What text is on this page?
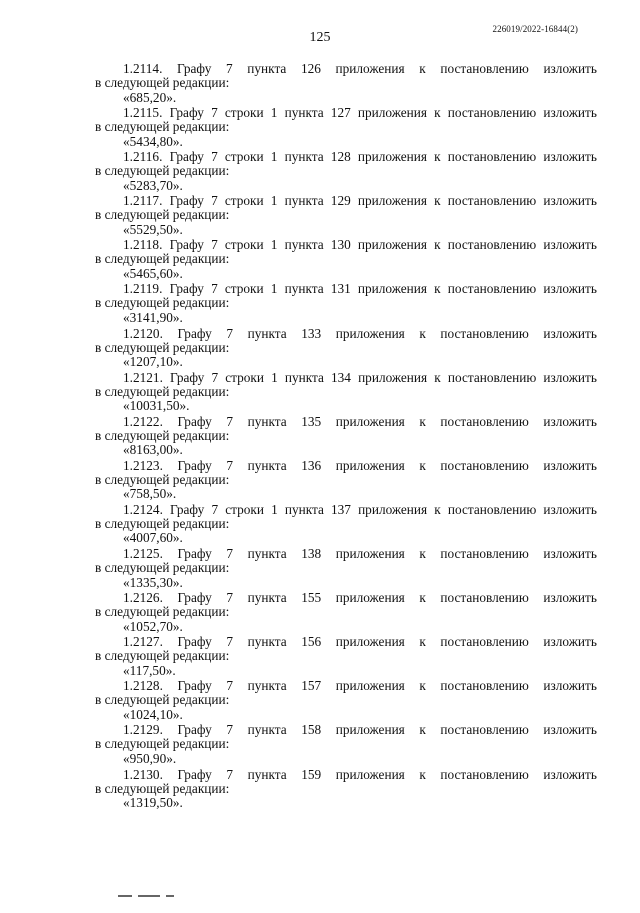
125
226019/2022-16844(2)
1.2114. Графу 7 пункта 126 приложения к постановлению изложить
в следующей редакции:
«685,20».
1.2115. Графу 7 строки 1 пункта 127 приложения к постановлению изложить
в следующей редакции:
«5434,80».
1.2116. Графу 7 строки 1 пункта 128 приложения к постановлению изложить
в следующей редакции:
«5283,70».
1.2117. Графу 7 строки 1 пункта 129 приложения к постановлению изложить
в следующей редакции:
«5529,50».
1.2118. Графу 7 строки 1 пункта 130 приложения к постановлению изложить
в следующей редакции:
«5465,60».
1.2119. Графу 7 строки 1 пункта 131 приложения к постановлению изложить
в следующей редакции:
«3141,90».
1.2120. Графу 7 пункта 133 приложения к постановлению изложить
в следующей редакции:
«1207,10».
1.2121. Графу 7 строки 1 пункта 134 приложения к постановлению изложить
в следующей редакции:
«10031,50».
1.2122. Графу 7 пункта 135 приложения к постановлению изложить
в следующей редакции:
«8163,00».
1.2123. Графу 7 пункта 136 приложения к постановлению изложить
в следующей редакции:
«758,50».
1.2124. Графу 7 строки 1 пункта 137 приложения к постановлению изложить
в следующей редакции:
«4007,60».
1.2125. Графу 7 пункта 138 приложения к постановлению изложить
в следующей редакции:
«1335,30».
1.2126. Графу 7 пункта 155 приложения к постановлению изложить
в следующей редакции:
«1052,70».
1.2127. Графу 7 пункта 156 приложения к постановлению изложить
в следующей редакции:
«117,50».
1.2128. Графу 7 пункта 157 приложения к постановлению изложить
в следующей редакции:
«1024,10».
1.2129. Графу 7 пункта 158 приложения к постановлению изложить
в следующей редакции:
«950,90».
1.2130. Графу 7 пункта 159 приложения к постановлению изложить
в следующей редакции:
«1319,50».
